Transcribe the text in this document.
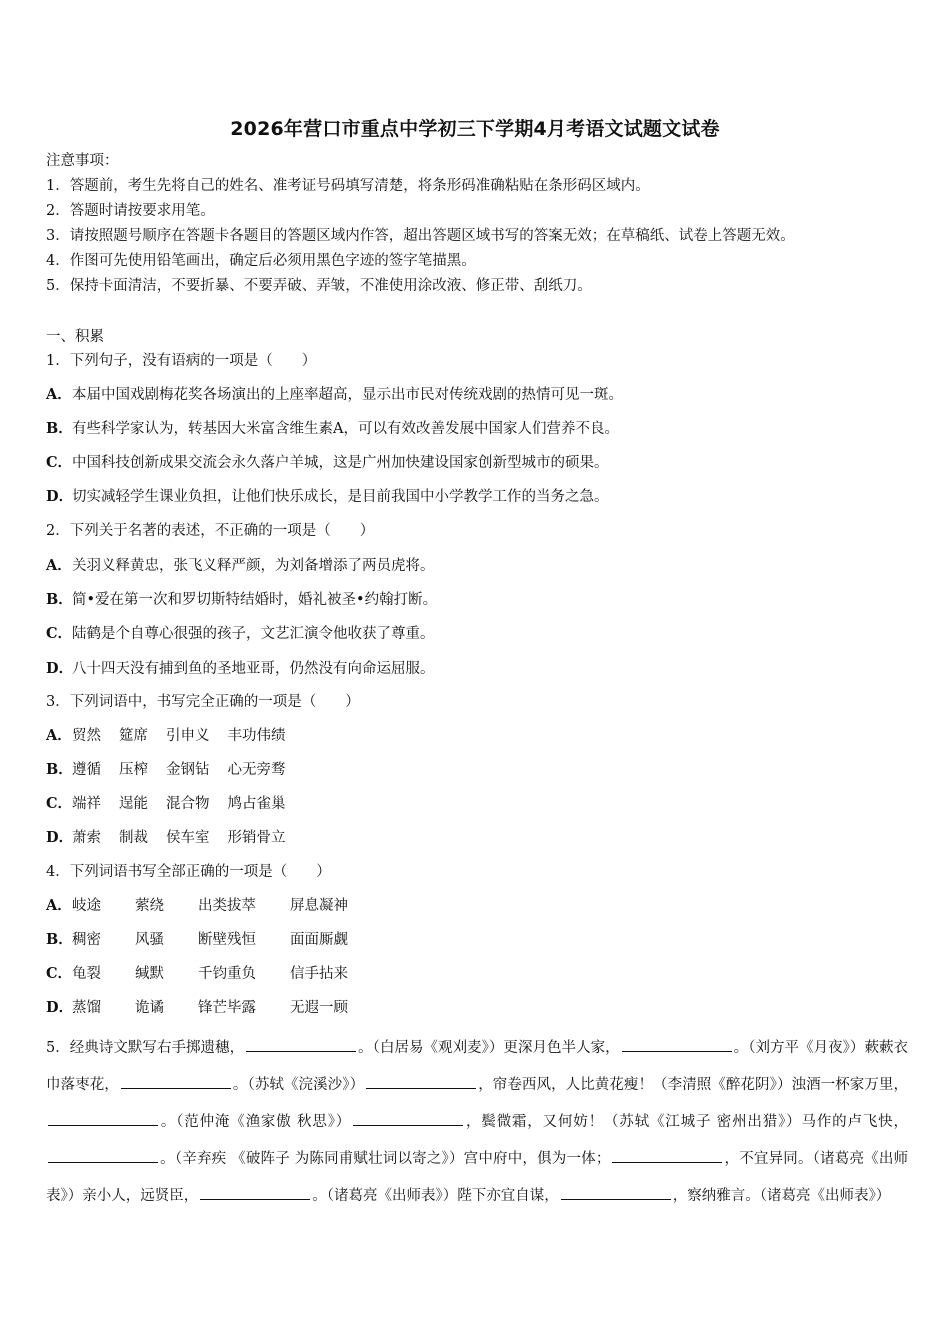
2026年营口市重点中学初三下学期4月考语文试题文试卷
注意事项：
1．答题前，考生先将自己的姓名、准考证号码填写清楚，将条形码准确粘贴在条形码区域内。
2．答题时请按要求用笔。
3．请按照题号顺序在答题卡各题目的答题区域内作答，超出答题区域书写的答案无效；在草稿纸、试卷上答题无效。
4．作图可先使用铅笔画出，确定后必须用黑色字迹的签字笔描黑。
5．保持卡面清洁，不要折暴、不要弄破、弄皱，不准使用涂改液、修正带、刮纸刀。
一、积累
1．下列句子，没有语病的一项是（　　）
A．本届中国戏剧梅花奖各场演出的上座率超高，显示出市民对传统戏剧的热情可见一斑。
B．有些科学家认为，转基因大米富含维生素A，可以有效改善发展中国家人们营养不良。
C．中国科技创新成果交流会永久落户羊城，这是广州加快建设国家创新型城市的硕果。
D．切实减轻学生课业负担，让他们快乐成长，是目前我国中小学教学工作的当务之急。
2．下列关于名著的表述，不正确的一项是（　　）
A．关羽义释黄忠，张飞义释严颜，为刘备增添了两员虎将。
B．简•爱在第一次和罗切斯特结婚时，婚礼被圣•约翰打断。
C．陆鹤是个自尊心很强的孩子，文艺汇演令他收获了尊重。
D．八十四天没有捕到鱼的圣地亚哥，仍然没有向命运屈服。
3．下列词语中，书写完全正确的一项是（　　）
A．贸然 筵席 引申义 丰功伟绩
B．遵循 压榨 金钢钻 心无旁骛
C．端祥 逞能 混合物 鸠占雀巢
D．萧索 制裁 侯车室 形销骨立
4．下列词语书写全部正确的一项是（　　）
A．岐途 萦绕 出类拔萃 屏息凝神
B．稠密 风骚 断壁残恒 面面厮觑
C．龟裂 缄默 千钧重负 信手拈来
D．蒸馏 诡谲 锋芒毕露 无遐一顾
5．经典诗文默写右手掷遗穗，	。（白居易《观刈麦》）更深月色半人家，	。（刘方平《月夜》）蔌蔌衣巾落枣花，	。（苏轼《浣溪沙》）	，帘卷西风，人比黄花瘦！（李清照《醉花阴》）浊酒一杯家万里，。（范仲淹《渔家傲 秋思》）	，鬓微霜，又何妨！（苏轼《江城子 密州出猎》）马作的卢飞快，。（辛弃疾 《破阵子 为陈同甫赋壮词以寄之》）宫中府中，俱为一体；	，不宜异同。（诸葛亮《出师表》）亲小人，远贤臣，	。（诸葛亮《出师表》）陛下亦宜自谋，	，察纳雅言。（诸葛亮《出师表》）
